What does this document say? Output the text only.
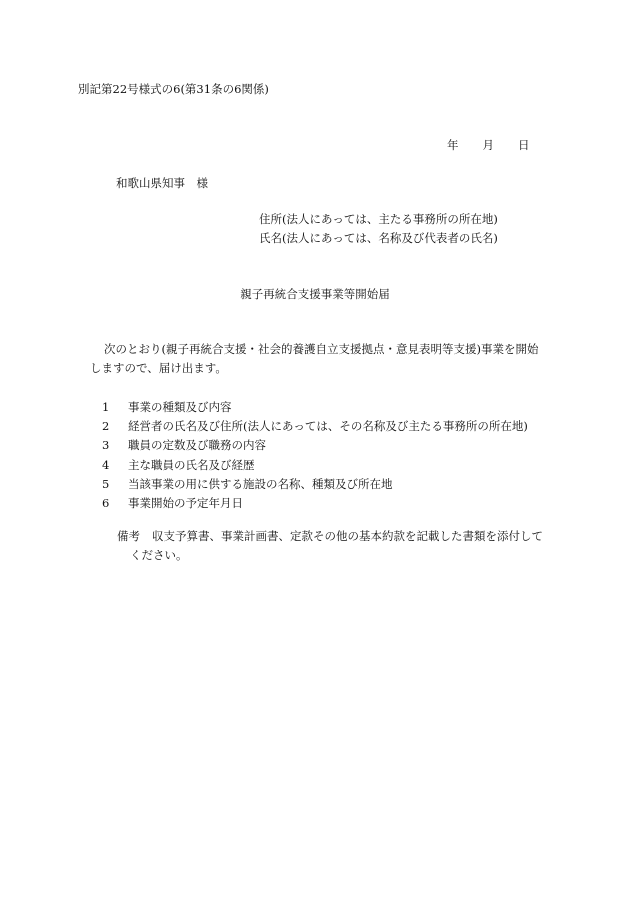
別記第22号様式の6(第31条の6関係)
年 月 日
和歌山県知事　様
住所(法人にあっては、主たる事務所の所在地)
氏名(法人にあっては、名称及び代表者の氏名)
親子再統合支援事業等開始届
次のとおり(親子再統合支援・社会的養護自立支援拠点・意見表明等支援)事業を開始
しますので、届け出ます。
1	事業の種類及び内容
2	経営者の氏名及び住所(法人にあっては、その名称及び主たる事務所の所在地)
3	職員の定数及び職務の内容
4	主な職員の氏名及び経歴
5	当該事業の用に供する施設の名称、種類及び所在地
6	事業開始の予定年月日
備考 収支予算書、事業計画書、定款その他の基本約款を記載した書類を添付して
ください。
